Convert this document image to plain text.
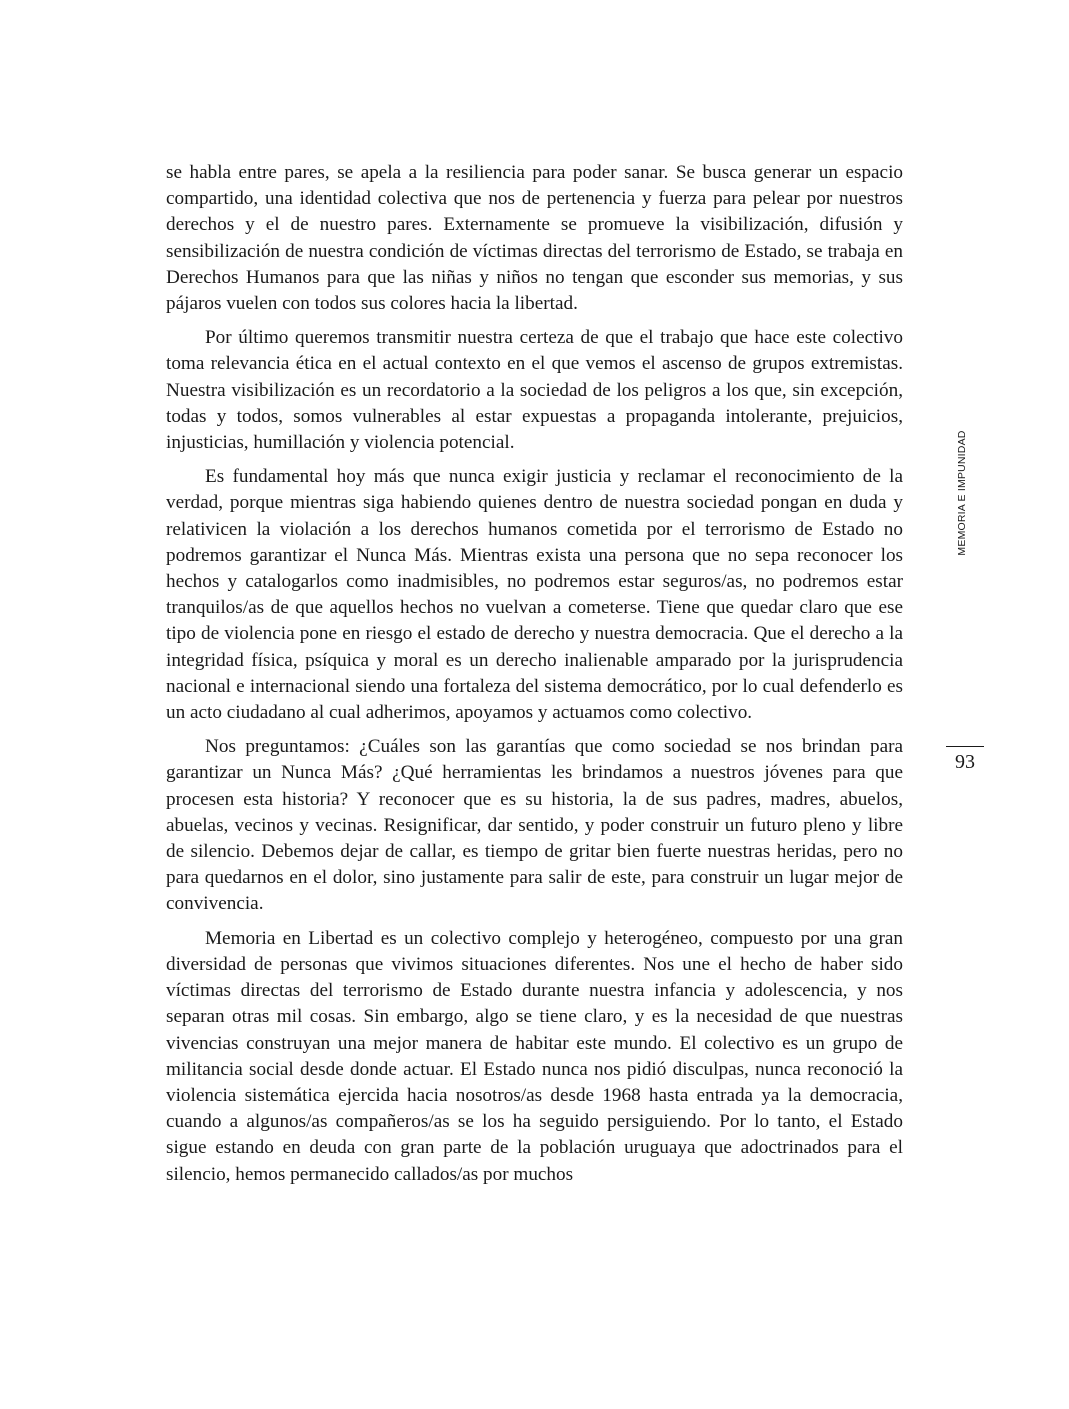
se habla entre pares, se apela a la resiliencia para poder sanar. Se busca generar un espacio compartido, una identidad colectiva que nos de pertenencia y fuerza para pelear por nuestros derechos y el de nuestro pares. Externamente se promueve la visibilización, difusión y sensibilización de nuestra condición de víctimas directas del terrorismo de Estado, se trabaja en Derechos Humanos para que las niñas y niños no tengan que esconder sus memorias, y sus pájaros vuelen con todos sus colores hacia la libertad.

Por último queremos transmitir nuestra certeza de que el trabajo que hace este colectivo toma relevancia ética en el actual contexto en el que vemos el ascenso de grupos extremistas. Nuestra visibilización es un recordatorio a la sociedad de los peligros a los que, sin excepción, todas y todos, somos vulnerables al estar expuestas a propaganda intolerante, prejuicios, injusticias, humillación y violencia potencial.

Es fundamental hoy más que nunca exigir justicia y reclamar el reconocimiento de la verdad, porque mientras siga habiendo quienes dentro de nuestra sociedad pongan en duda y relativicen la violación a los derechos humanos cometida por el terrorismo de Estado no podremos garantizar el Nunca Más. Mientras exista una persona que no sepa reconocer los hechos y catalogarlos como inadmisibles, no podremos estar seguros/as, no podremos estar tranquilos/as de que aquellos hechos no vuelvan a cometerse. Tiene que quedar claro que ese tipo de violencia pone en riesgo el estado de derecho y nuestra democracia. Que el derecho a la integridad física, psíquica y moral es un derecho inalienable amparado por la jurisprudencia nacional e internacional siendo una fortaleza del sistema democrático, por lo cual defenderlo es un acto ciudadano al cual adherimos, apoyamos y actuamos como colectivo.

Nos preguntamos: ¿Cuáles son las garantías que como sociedad se nos brindan para garantizar un Nunca Más? ¿Qué herramientas les brindamos a nuestros jóvenes para que procesen esta historia? Y reconocer que es su historia, la de sus padres, madres, abuelos, abuelas, vecinos y vecinas. Resignificar, dar sentido, y poder construir un futuro pleno y libre de silencio. Debemos dejar de callar, es tiempo de gritar bien fuerte nuestras heridas, pero no para quedarnos en el dolor, sino justamente para salir de este, para construir un lugar mejor de convivencia.

Memoria en Libertad es un colectivo complejo y heterogéneo, compuesto por una gran diversidad de personas que vivimos situaciones diferentes. Nos une el hecho de haber sido víctimas directas del terrorismo de Estado durante nuestra infancia y adolescencia, y nos separan otras mil cosas. Sin embargo, algo se tiene claro, y es la necesidad de que nuestras vivencias construyan una mejor manera de habitar este mundo. El colectivo es un grupo de militancia social desde donde actuar. El Estado nunca nos pidió disculpas, nunca reconoció la violencia sistemática ejercida hacia nosotros/as desde 1968 hasta entrada ya la democracia, cuando a algunos/as compañeros/as se los ha seguido persiguiendo. Por lo tanto, el Estado sigue estando en deuda con gran parte de la población uruguaya que adoctrinados para el silencio, hemos permanecido callados/as por muchos

MEMORIA E IMPUNIDAD
93
